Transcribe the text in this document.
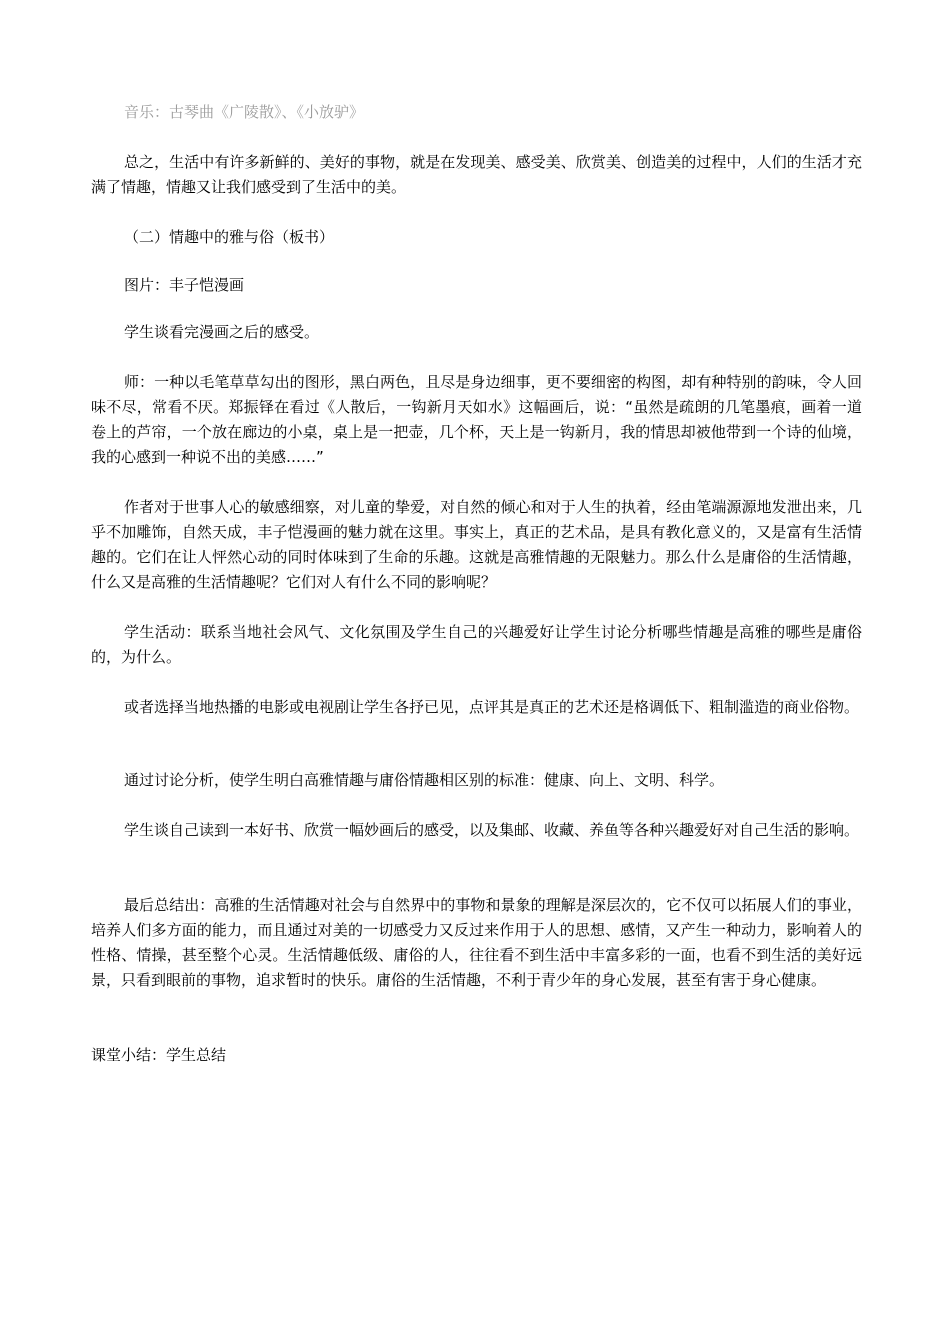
音乐：古琴曲《广陵散》、《小放驴》

总之，生活中有许多新鲜的、美好的事物，就是在发现美、感受美、欣赏美、创造美的过程中，人们的生活才充满了情趣，情趣又让我们感受到了生活中的美。

（二）情趣中的雅与俗（板书）

图片：丰子恺漫画

学生谈看完漫画之后的感受。

师：一种以毛笔草草勾出的图形，黑白两色，且尽是身边细事，更不要细密的构图，却有种特别的韵味，令人回味不尽，常看不厌。郑振铎在看过《人散后，一钩新月天如水》这幅画后，说：“虽然是疏朗的几笔墨痕，画着一道卷上的芦帘，一个放在廊边的小桌，桌上是一把壶，几个杯，天上是一钩新月，我的情思却被他带到一个诗的仙境，我的心感到一种说不出的美感……”

作者对于世事人心的敏感细察，对儿童的挚爱，对自然的倾心和对于人生的执着，经由笔端源源地发泄出来，几乎不加雕饰，自然天成，丰子恺漫画的魅力就在这里。事实上，真正的艺术品，是具有教化意义的，又是富有生活情趣的。它们在让人怦然心动的同时体味到了生命的乐趣。这就是高雅情趣的无限魅力。那么什么是庸俗的生活情趣，什么又是高雅的生活情趣呢？它们对人有什么不同的影响呢？

学生活动：联系当地社会风气、文化氛围及学生自己的兴趣爱好让学生讨论分析哪些情趣是高雅的哪些是庸俗的，为什么。

或者选择当地热播的电影或电视剧让学生各抒已见，点评其是真正的艺术还是格调低下、粗制滥造的商业俗物。

通过讨论分析，使学生明白高雅情趣与庸俗情趣相区别的标准：健康、向上、文明、科学。

学生谈自己读到一本好书、欣赏一幅妙画后的感受，以及集邮、收藏、养鱼等各种兴趣爱好对自己生活的影响。

最后总结出：高雅的生活情趣对社会与自然界中的事物和景象的理解是深层次的，它不仅可以拓展人们的事业，培养人们多方面的能力，而且通过对美的一切感受力又反过来作用于人的思想、感情，又产生一种动力，影响着人的性格、情操，甚至整个心灵。生活情趣低级、庸俗的人，往往看不到生活中丰富多彩的一面，也看不到生活的美好远景，只看到眼前的事物，追求暂时的快乐。庸俗的生活情趣，不利于青少年的身心发展，甚至有害于身心健康。

课堂小结：学生总结
